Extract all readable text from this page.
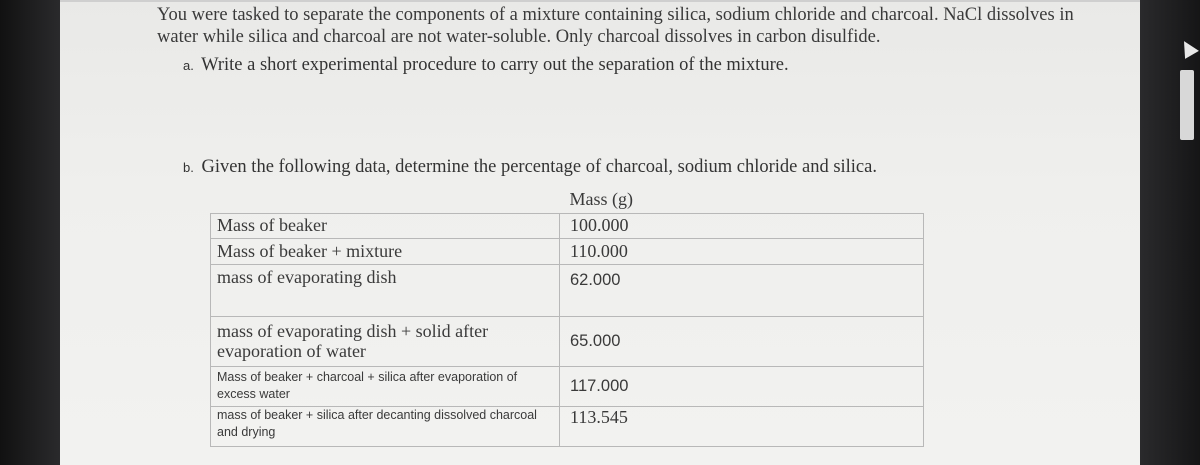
You were tasked to separate the components of a mixture containing silica, sodium chloride and charcoal. NaCl dissolves in water while silica and charcoal are not water-soluble. Only charcoal dissolves in carbon disulfide.
a. Write a short experimental procedure to carry out the separation of the mixture.
b. Given the following data, determine the percentage of charcoal, sodium chloride and silica.
	Mass (g)
Mass of beaker	100.000
Mass of beaker + mixture	110.000
mass of evaporating dish	62.000
mass of evaporating dish + solid after evaporation of water	65.000
Mass of beaker + charcoal + silica after evaporation of excess water	117.000
mass of beaker + silica after decanting dissolved charcoal and drying	113.545
